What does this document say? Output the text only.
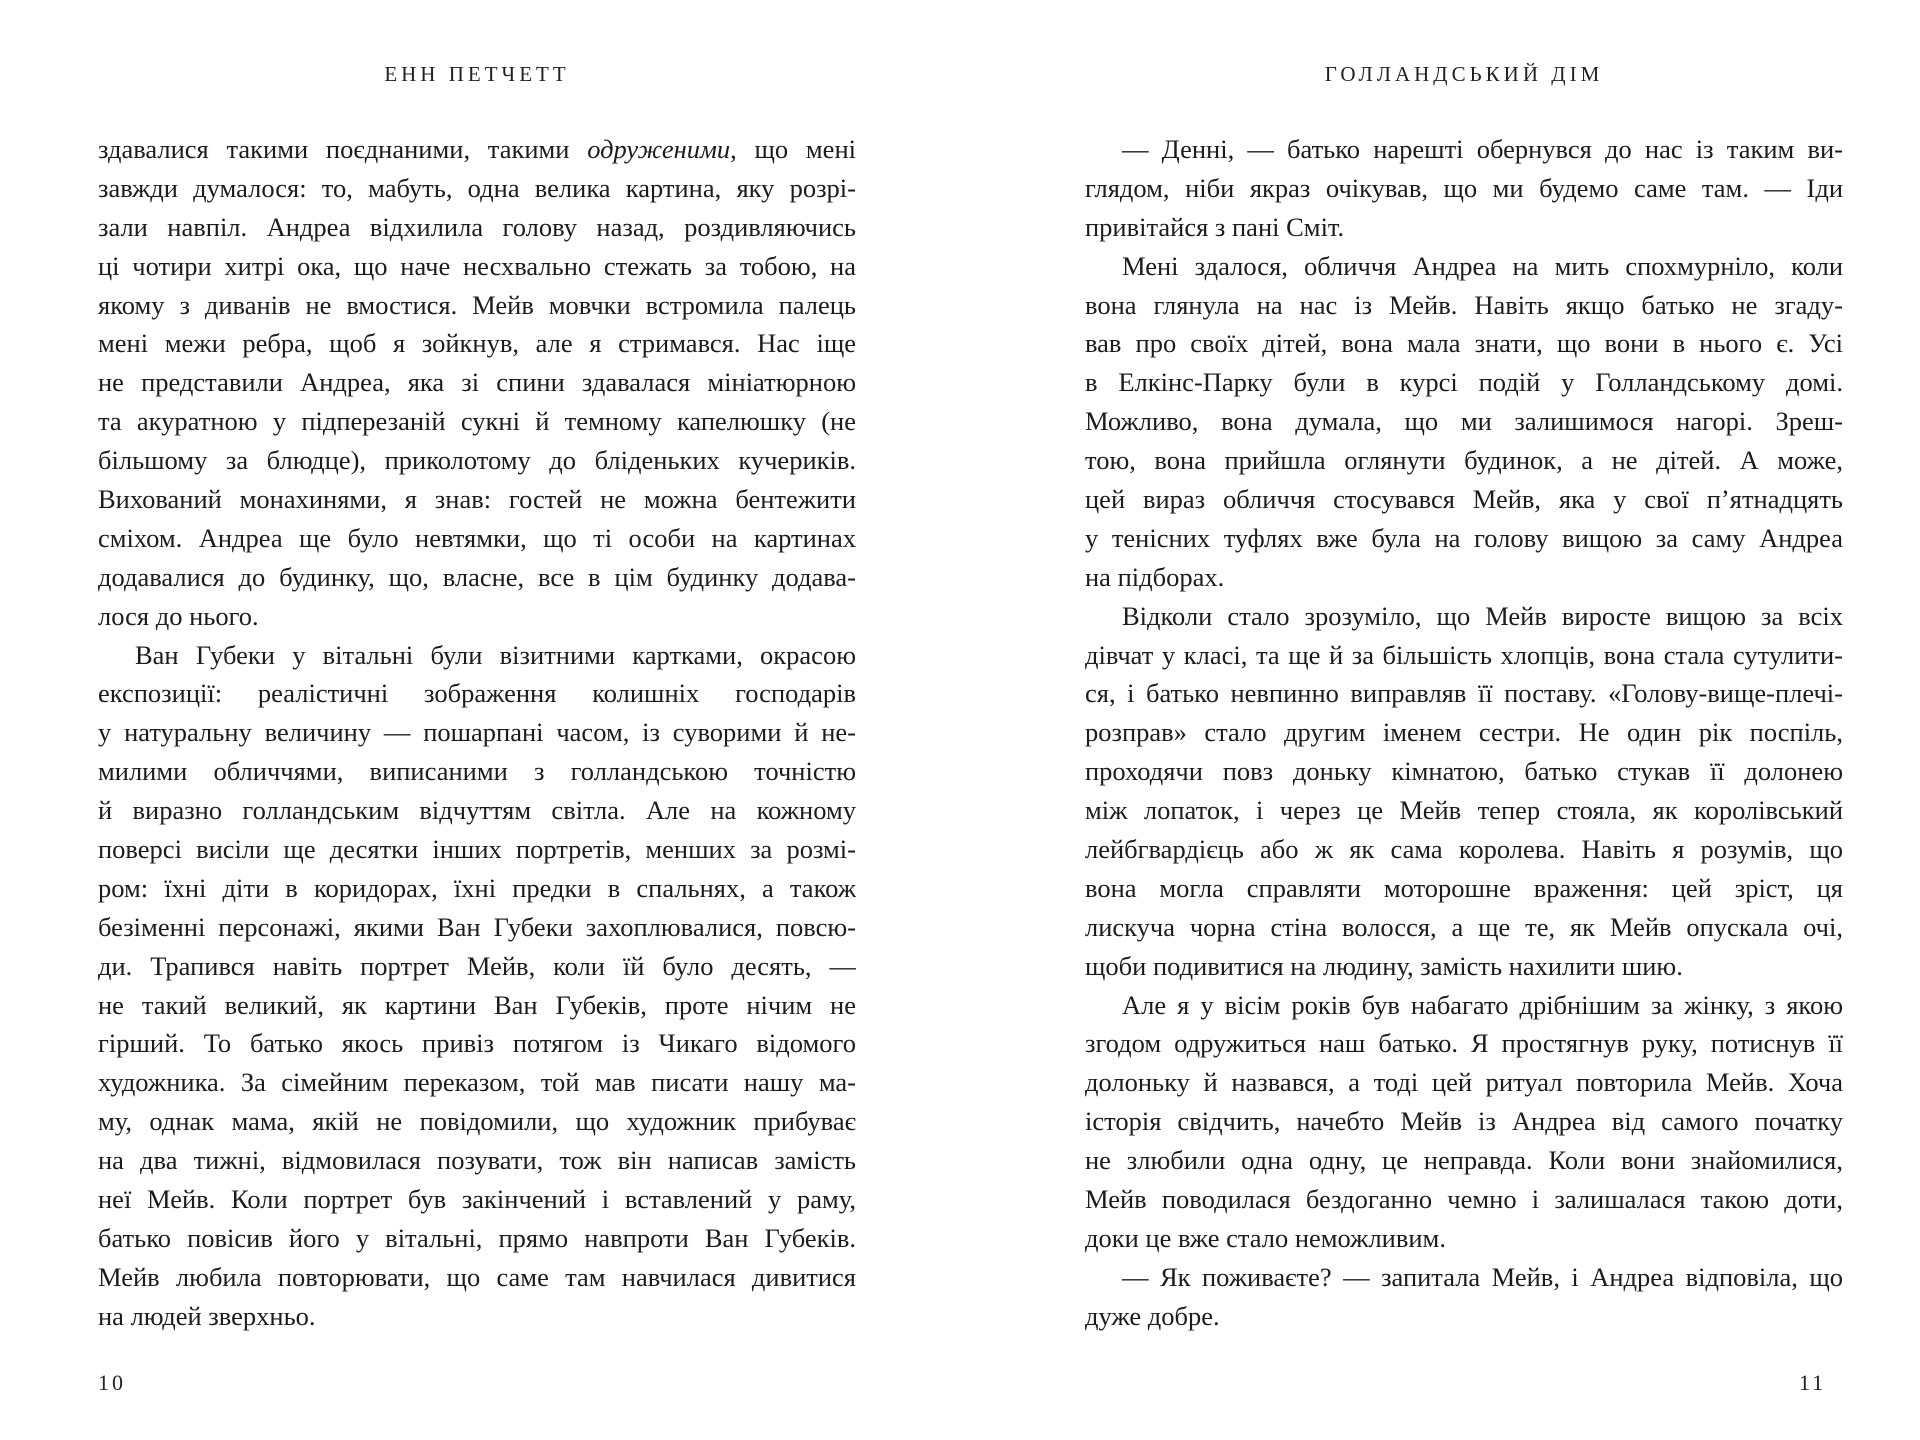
ЕНН ПЕТЧЕТТ
здавалися такими поєднаними, такими одруженими, що мені
завжди думалося: то, мабуть, одна велика картина, яку розрі-
зали навпіл. Андреа відхилила голову назад, роздивляючись
ці чотири хитрі ока, що наче несхвально стежать за тобою, на
якому з диванів не вмостися. Мейв мовчки встромила палець
мені межи ребра, щоб я зойкнув, але я стримався. Нас іще
не представили Андреа, яка зі спини здавалася мініатюрною
та акуратною у підперезаній сукні й темному капелюшку (не
більшому за блюдце), приколотому до бліденьких кучериків.
Вихований монахинями, я знав: гостей не можна бентежити
сміхом. Андреа ще було невтямки, що ті особи на картинах
додавалися до будинку, що, власне, все в цім будинку додава-
лося до нього.
Ван Губеки у вітальні були візитними картками, окрасою
експозиції: реалістичні зображення колишніх господарів
у натуральну величину — пошарпані часом, із суворими й не-
милими обличчями, виписаними з голландською точністю
й виразно голландським відчуттям світла. Але на кожному
поверсі висіли ще десятки інших портретів, менших за розмі-
ром: їхні діти в коридорах, їхні предки в спальнях, а також
безіменні персонажі, якими Ван Губеки захоплювалися, повсю-
ди. Трапився навіть портрет Мейв, коли їй було десять, —
не такий великий, як картини Ван Губеків, проте нічим не
гірший. То батько якось привіз потягом із Чикаго відомого
художника. За сімейним переказом, той мав писати нашу ма-
му, однак мама, якій не повідомили, що художник прибуває
на два тижні, відмовилася позувати, тож він написав замість
неї Мейв. Коли портрет був закінчений і вставлений у раму,
батько повісив його у вітальні, прямо навпроти Ван Губеків.
Мейв любила повторювати, що саме там навчилася дивитися
на людей зверхньо.
10
ГОЛЛАНДСЬКИЙ ДІМ
— Денні, — батько нарешті обернувся до нас із таким ви-
глядом, ніби якраз очікував, що ми будемо саме там. — Іди
привітайся з пані Сміт.
Мені здалося, обличчя Андреа на мить спохмурніло, коли
вона глянула на нас із Мейв. Навіть якщо батько не згаду-
вав про своїх дітей, вона мала знати, що вони в нього є. Усі
в Елкінс-Парку були в курсі подій у Голландському домі.
Можливо, вона думала, що ми залишимося нагорі. Зреш-
тою, вона прийшла оглянути будинок, а не дітей. А може,
цей вираз обличчя стосувався Мейв, яка у свої п’ятнадцять
у тенісних туфлях вже була на голову вищою за саму Андреа
на підборах.
Відколи стало зрозуміло, що Мейв виросте вищою за всіх
дівчат у класі, та ще й за більшість хлопців, вона стала сутулити-
ся, і батько невпинно виправляв її поставу. «Голову-вище-плечі-
розправ» стало другим іменем сестри. Не один рік поспіль,
проходячи повз доньку кімнатою, батько стукав її долонею
між лопаток, і через це Мейв тепер стояла, як королівський
лейбгвардієць або ж як сама королева. Навіть я розумів, що
вона могла справляти моторошне враження: цей зріст, ця
лискуча чорна стіна волосся, а ще те, як Мейв опускала очі,
щоби подивитися на людину, замість нахилити шию.
Але я у вісім років був набагато дрібнішим за жінку, з якою
згодом одружиться наш батько. Я простягнув руку, потиснув її
долоньку й назвався, а тоді цей ритуал повторила Мейв. Хоча
історія свідчить, начебто Мейв із Андреа від самого початку
не злюбили одна одну, це неправда. Коли вони знайомилися,
Мейв поводилася бездоганно чемно і залишалася такою доти,
доки це вже стало неможливим.
— Як поживаєте? — запитала Мейв, і Андреа відповіла, що
дуже добре.
11
